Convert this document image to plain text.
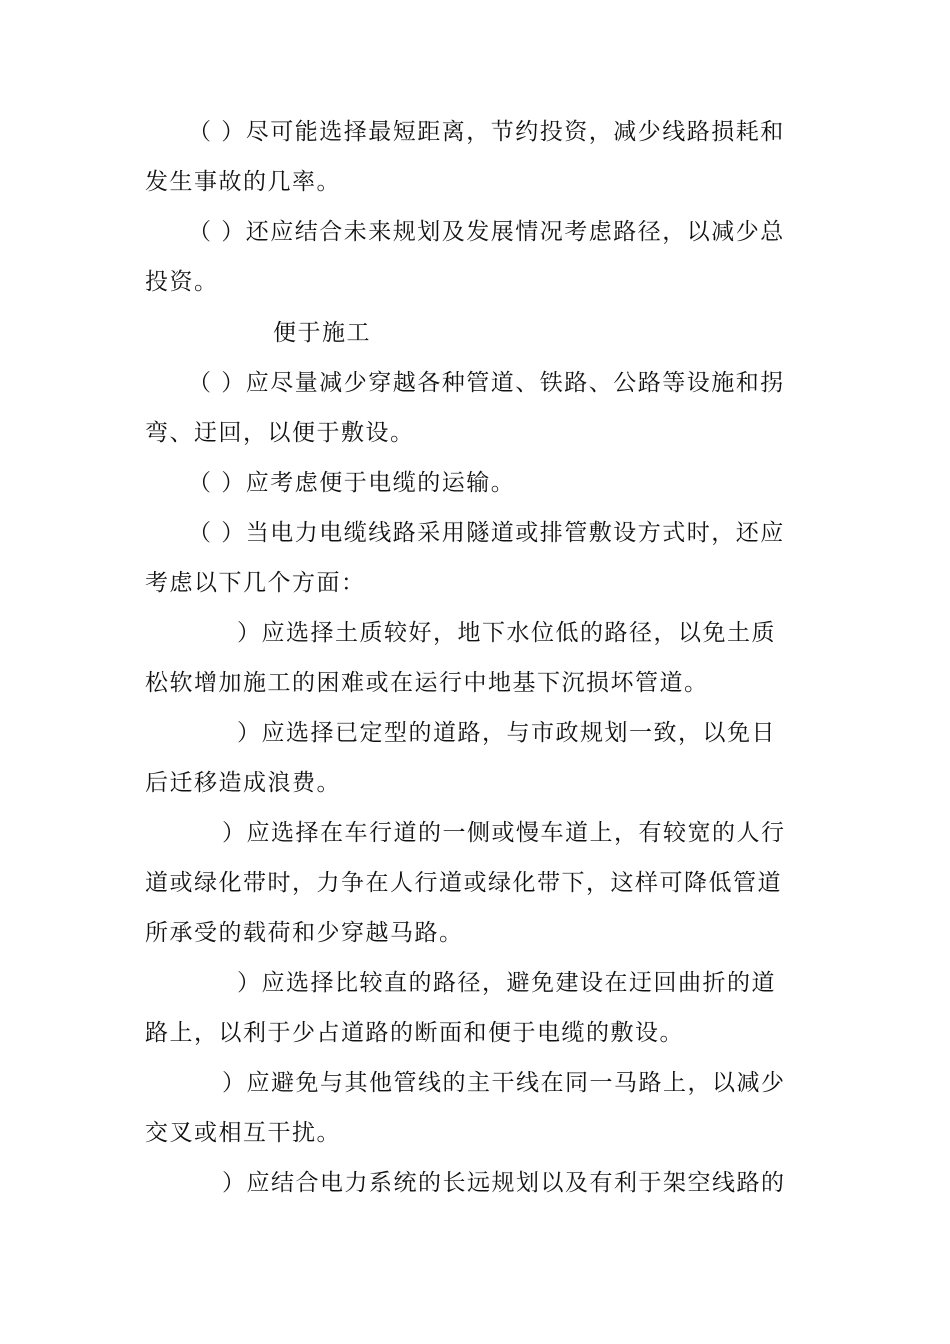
（ ）尽可能选择最短距离，节约投资，减少线路损耗和
发生事故的几率。
（ ）还应结合未来规划及发展情况考虑路径，以减少总
投资。
便于施工
（ ）应尽量减少穿越各种管道、铁路、公路等设施和拐
弯、迂回，以便于敷设。
（ ）应考虑便于电缆的运输。
（ ）当电力电缆线路采用隧道或排管敷设方式时，还应
考虑以下几个方面：
）应选择土质较好，地下水位低的路径，以免土质
松软增加施工的困难或在运行中地基下沉损坏管道。
）应选择已定型的道路，与市政规划一致，以免日
后迁移造成浪费。
）应选择在车行道的一侧或慢车道上，有较宽的人行
道或绿化带时，力争在人行道或绿化带下，这样可降低管道
所承受的载荷和少穿越马路。
）应选择比较直的路径，避免建设在迂回曲折的道
路上，以利于少占道路的断面和便于电缆的敷设。
）应避免与其他管线的主干线在同一马路上，以减少
交叉或相互干扰。
）应结合电力系统的长远规划以及有利于架空线路的
